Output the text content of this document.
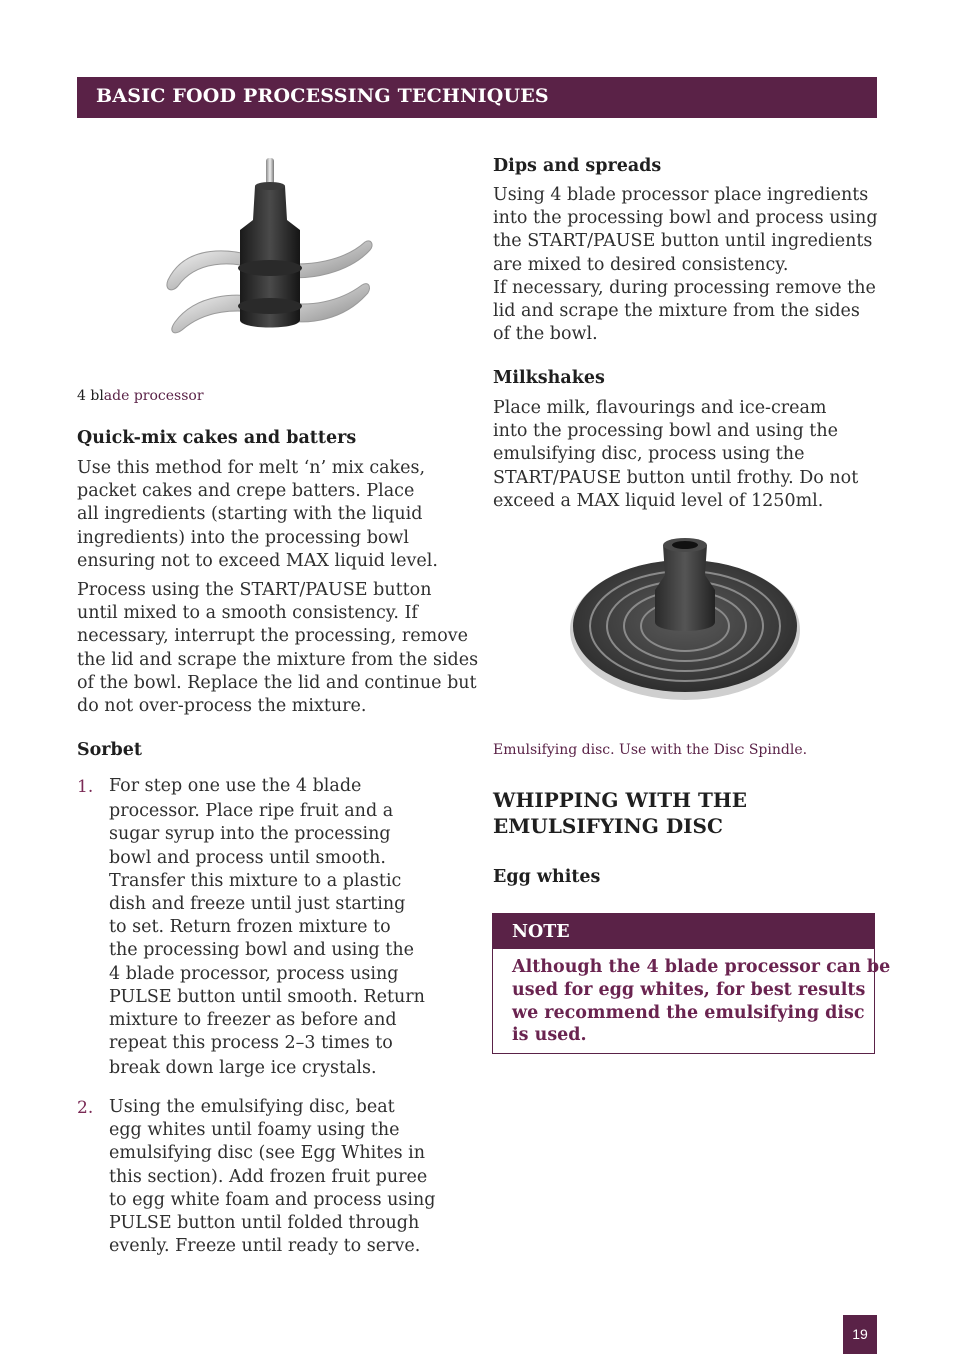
BASIC FOOD PROCESSING TECHNIQUES
4 blade processor
Quick-mix cakes and batters
Use this method for melt ‘n’ mix cakes,
packet cakes and crepe batters. Place
all ingredients (starting with the liquid
ingredients) into the processing bowl
ensuring not to exceed MAX liquid level.
Process using the START/PAUSE button
until mixed to a smooth consistency. If
necessary, interrupt the processing, remove
the lid and scrape the mixture from the sides
of the bowl. Replace the lid and continue but
do not over-process the mixture.
Sorbet
1. For step one use the 4 blade
processor. Place ripe fruit and a
sugar syrup into the processing
bowl and process until smooth.
Transfer this mixture to a plastic
dish and freeze until just starting
to set. Return frozen mixture to
the processing bowl and using the
4 blade processor, process using
PULSE button until smooth. Return
mixture to freezer as before and
repeat this process 2–3 times to
break down large ice crystals.
2. Using the emulsifying disc, beat
egg whites until foamy using the
emulsifying disc (see Egg Whites in
this section). Add frozen fruit puree
to egg white foam and process using
PULSE button until folded through
evenly. Freeze until ready to serve.
Dips and spreads
Using 4 blade processor place ingredients
into the processing bowl and process using
the START/PAUSE button until ingredients
are mixed to desired consistency.
If necessary, during processing remove the
lid and scrape the mixture from the sides
of the bowl.
Milkshakes
Place milk, flavourings and ice-cream
into the processing bowl and using the
emulsifying disc, process using the
START/PAUSE button until frothy. Do not
exceed a MAX liquid level of 1250ml.
Emulsifying disc. Use with the Disc Spindle.
WHIPPING WITH THE
EMULSIFYING DISC
Egg whites
NOTE
Although the 4 blade processor can be
used for egg whites, for best results
we recommend the emulsifying disc
is used.
19
